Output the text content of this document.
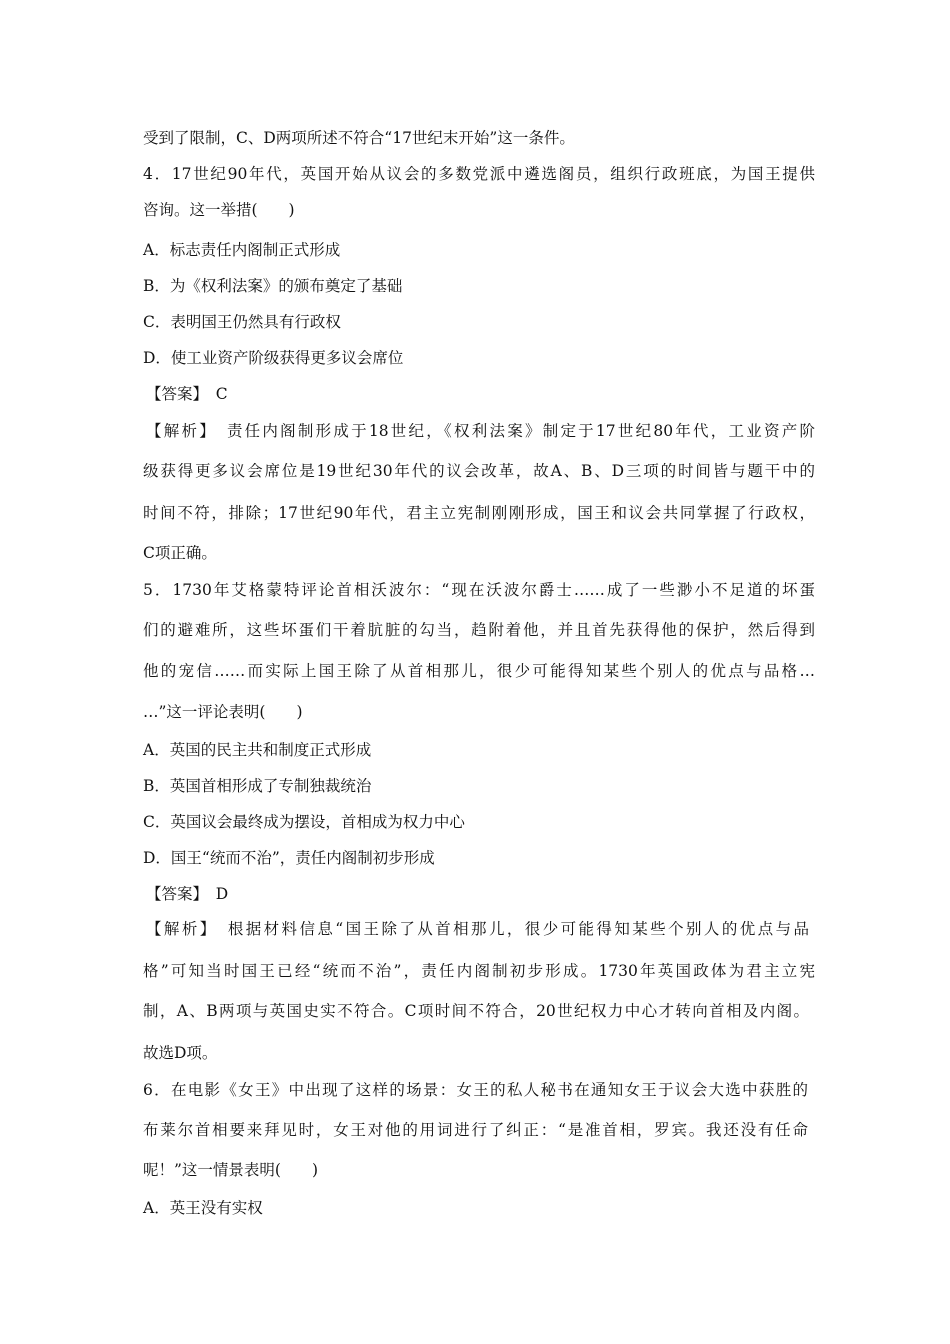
受到了限制，C、D两项所述不符合“17世纪末开始”这一条件。
4．17世纪90年代，英国开始从议会的多数党派中遴选阁员，组织行政班底，为国王提供
咨询。这一举措(　　)
A．标志责任内阁制正式形成
B．为《权利法案》的颁布奠定了基础
C．表明国王仍然具有行政权
D．使工业资产阶级获得更多议会席位
【答案】　C
【解析】　责任内阁制形成于18世纪，《权利法案》制定于17世纪80年代，工业资产阶
级获得更多议会席位是19世纪30年代的议会改革，故A、B、D三项的时间皆与题干中的
时间不符，排除；17世纪90年代，君主立宪制刚刚形成，国王和议会共同掌握了行政权，
C项正确。
5．1730年艾格蒙特评论首相沃波尔：“现在沃波尔爵士……成了一些渺小不足道的坏蛋
们的避难所，这些坏蛋们干着肮脏的勾当，趋附着他，并且首先获得他的保护，然后得到
他的宠信……而实际上国王除了从首相那儿，很少可能得知某些个别人的优点与品格…
…”这一评论表明(　　)
A．英国的民主共和制度正式形成
B．英国首相形成了专制独裁统治
C．英国议会最终成为摆设，首相成为权力中心
D．国王“统而不治”，责任内阁制初步形成
【答案】　D
【解析】　根据材料信息“国王除了从首相那儿，很少可能得知某些个别人的优点与品
格”可知当时国王已经“统而不治”，责任内阁制初步形成。1730年英国政体为君主立宪
制，A、B两项与英国史实不符合。C项时间不符合，20世纪权力中心才转向首相及内阁。
故选D项。
6．在电影《女王》中出现了这样的场景：女王的私人秘书在通知女王于议会大选中获胜的
布莱尔首相要来拜见时，女王对他的用词进行了纠正：“是准首相，罗宾。我还没有任命
呢！”这一情景表明(　　)
A．英王没有实权
